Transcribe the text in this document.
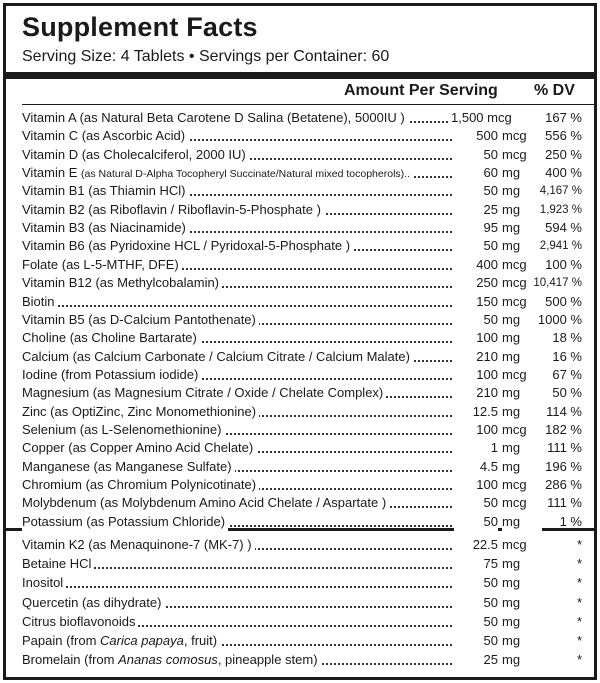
Supplement Facts
Serving Size: 4 Tablets • Servings per Container: 60
Amount Per Serving % DV
Vitamin A (as Natural Beta Carotene D Salina (Betatene), 5000IU )	1,500 mcg	167 %
Vitamin C (as Ascorbic Acid)	500 mcg	556 %
Vitamin D (as Cholecalciferol, 2000 IU)	50 mcg	250 %
Vitamin E (as Natural D-Alpha Tocopheryl Succinate/Natural mixed tocopherols)..	60 mg	400 %
Vitamin B1 (as Thiamin HCl)	50 mg	4,167 %
Vitamin B2 (as Riboflavin / Riboflavin-5-Phosphate )	25 mg	1,923 %
Vitamin B3 (as Niacinamide)	95 mg	594 %
Vitamin B6 (as Pyridoxine HCL / Pyridoxal-5-Phosphate )	50 mg	2,941 %
Folate (as L-5-MTHF, DFE)	400 mcg	100 %
Vitamin B12 (as Methylcobalamin)	250 mcg 10,417 %
Biotin	150 mcg	500 %
Vitamin B5 (as D-Calcium Pantothenate)	50 mg	1000 %
Choline (as Choline Bartarate)	100 mg	18 %
Calcium (as Calcium Carbonate / Calcium Citrate / Calcium Malate)	210 mg	16 %
Iodine (from Potassium iodide)	100 mcg	67 %
Magnesium (as Magnesium Citrate / Oxide / Chelate Complex)	210 mg	50 %
Zinc (as OptiZinc, Zinc Monomethionine)	12.5 mg	114 %
Selenium (as L-Selenomethionine)	100 mcg	182 %
Copper (as Copper Amino Acid Chelate)	1 mg	111 %
Manganese (as Manganese Sulfate)	4.5 mg	196 %
Chromium (as Chromium Polynicotinate)	100 mcg	286 %
Molybdenum (as Molybdenum Amino Acid Chelate / Aspartate )	50 mcg	111 %
Potassium (as Potassium Chloride)	50 mg	1 %
Vitamin K2 (as Menaquinone-7 (MK-7) )	22.5 mcg	*
Betaine HCl	75 mg	*
Inositol	50 mg	*
Quercetin (as dihydrate)	50 mg	*
Citrus bioflavonoids	50 mg	*
Papain (from Carica papaya, fruit)	50 mg	*
Bromelain (from Ananas comosus, pineapple stem)	25 mg	*
